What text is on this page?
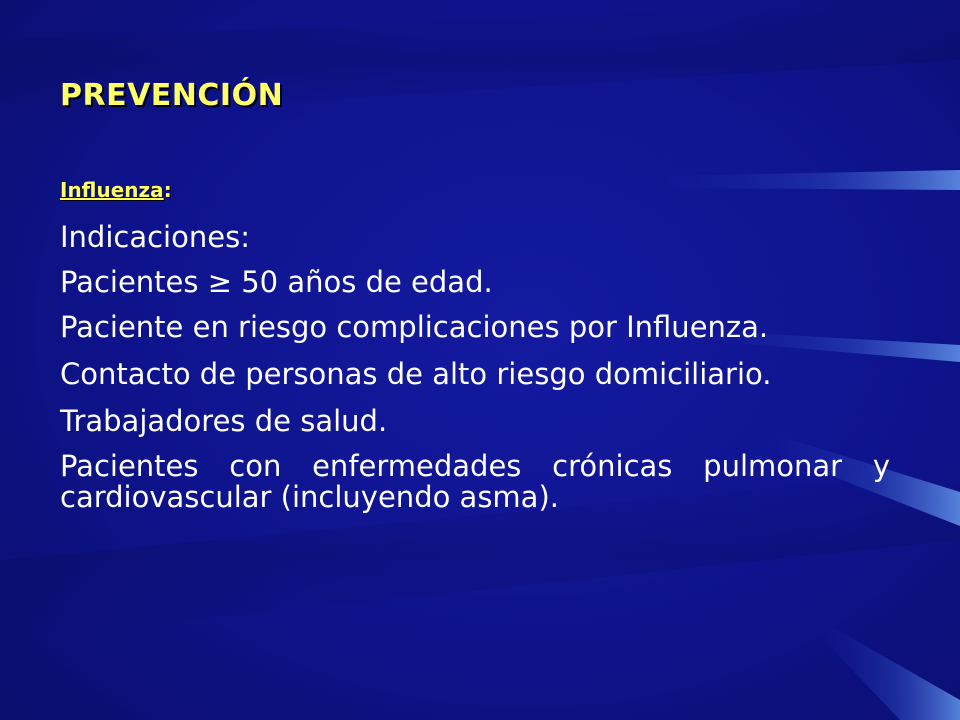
PREVENCIÓN
Influenza:

Indicaciones:

Pacientes ≥ 50 años de edad.

Paciente en riesgo complicaciones por Influenza.

Contacto de personas de alto riesgo domiciliario.

Trabajadores de salud.

Pacientes con enfermedades crónicas pulmonar y cardiovascular (incluyendo asma).
